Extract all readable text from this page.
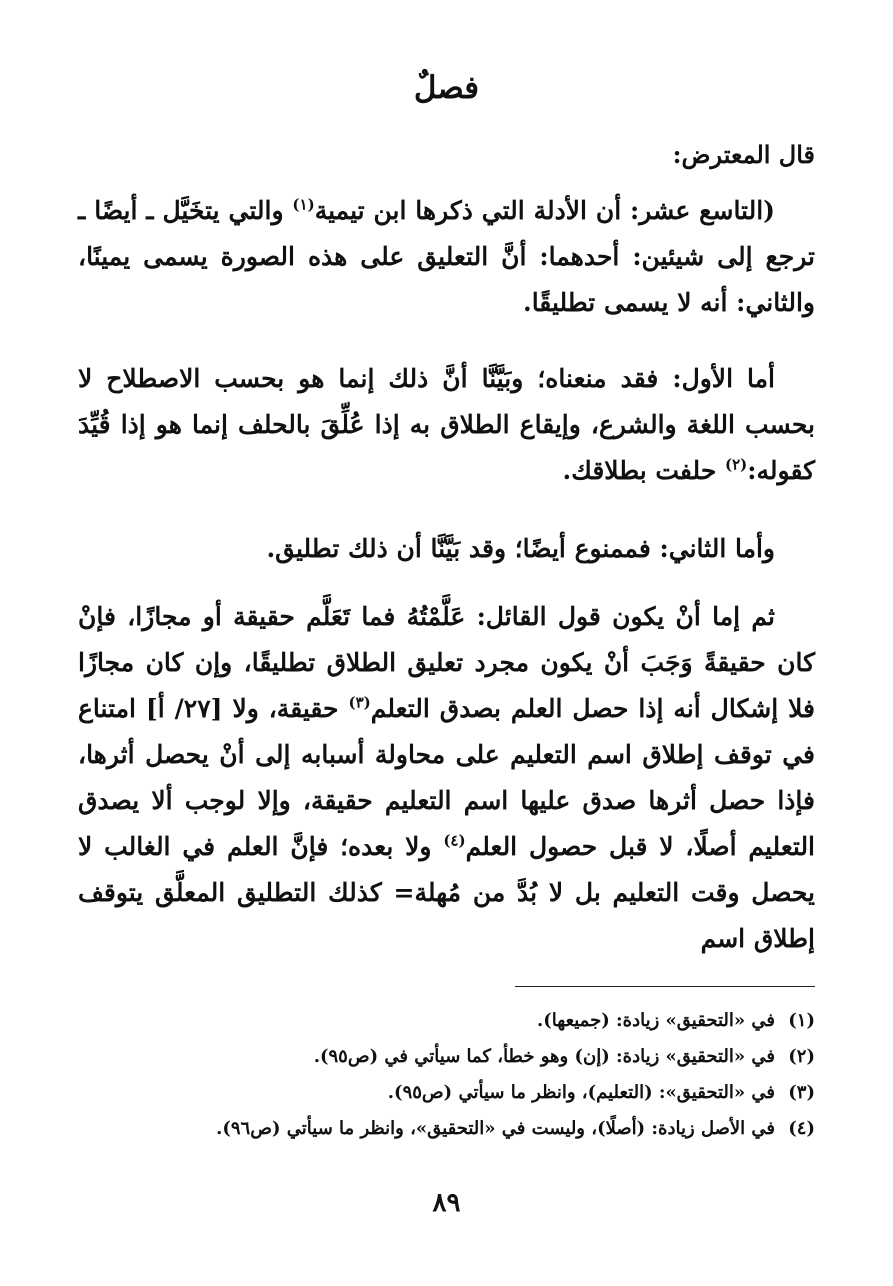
فصلٌ
قال المعترض:

(التاسع عشر: أن الأدلة التي ذكرها ابن تيمية$^{(١)}$ والتي يتخَيَّل ـ أيضًا ـ ترجع إلى شيئين: أحدهما: أنَّ التعليق على هذه الصورة يسمى يمينًا، والثاني: أنه لا يسمى تطليقًا.

أما الأول: فقد منعناه؛ وبَيَّنَّا أنَّ ذلك إنما هو بحسب الاصطلاح لا بحسب اللغة والشرع، وإيقاع الطلاق به إذا عُلِّقَ بالحلف إنما هو إذا قُيِّدَ كقوله:$^{(٢)}$ حلفت بطلاقك.

وأما الثاني: فممنوع أيضًا؛ وقد بَيَّنَّا أن ذلك تطليق.

ثم إما أنْ يكون قول القائل: عَلَّمْتُهُ فما تَعَلَّم حقيقة أو مجازًا، فإنْ كان حقيقةً وَجَبَ أنْ يكون مجرد تعليق الطلاق تطليقًا، وإن كان مجازًا فلا إشكال أنه إذا حصل العلم بصدق التعلم$^{(٣)}$ حقيقة، ولا [٢٧/ أ] امتناع في توقف إطلاق اسم التعليم على محاولة أسبابه إلى أنْ يحصل أثرها، فإذا حصل أثرها صدق عليها اسم التعليم حقيقة، وإلا لوجب ألا يصدق التعليم أصلًا، لا قبل حصول العلم$^{(٤)}$ ولا بعده؛ فإنَّ العلم في الغالب لا يحصل وقت التعليم بل لا بُدَّ من مُهلة= كذلك التطليق المعلَّق يتوقف إطلاق اسم

(١)في «التحقيق» زيادة: (جميعها).
(٢)في «التحقيق» زيادة: (إن) وهو خطأ، كما سيأتي في (ص٩٥).
(٣)في «التحقيق»: (التعليم)، وانظر ما سيأتي (ص٩٥).
(٤)في الأصل زيادة: (أصلًا)، وليست في «التحقيق»، وانظر ما سيأتي (ص٩٦).
٨٩
